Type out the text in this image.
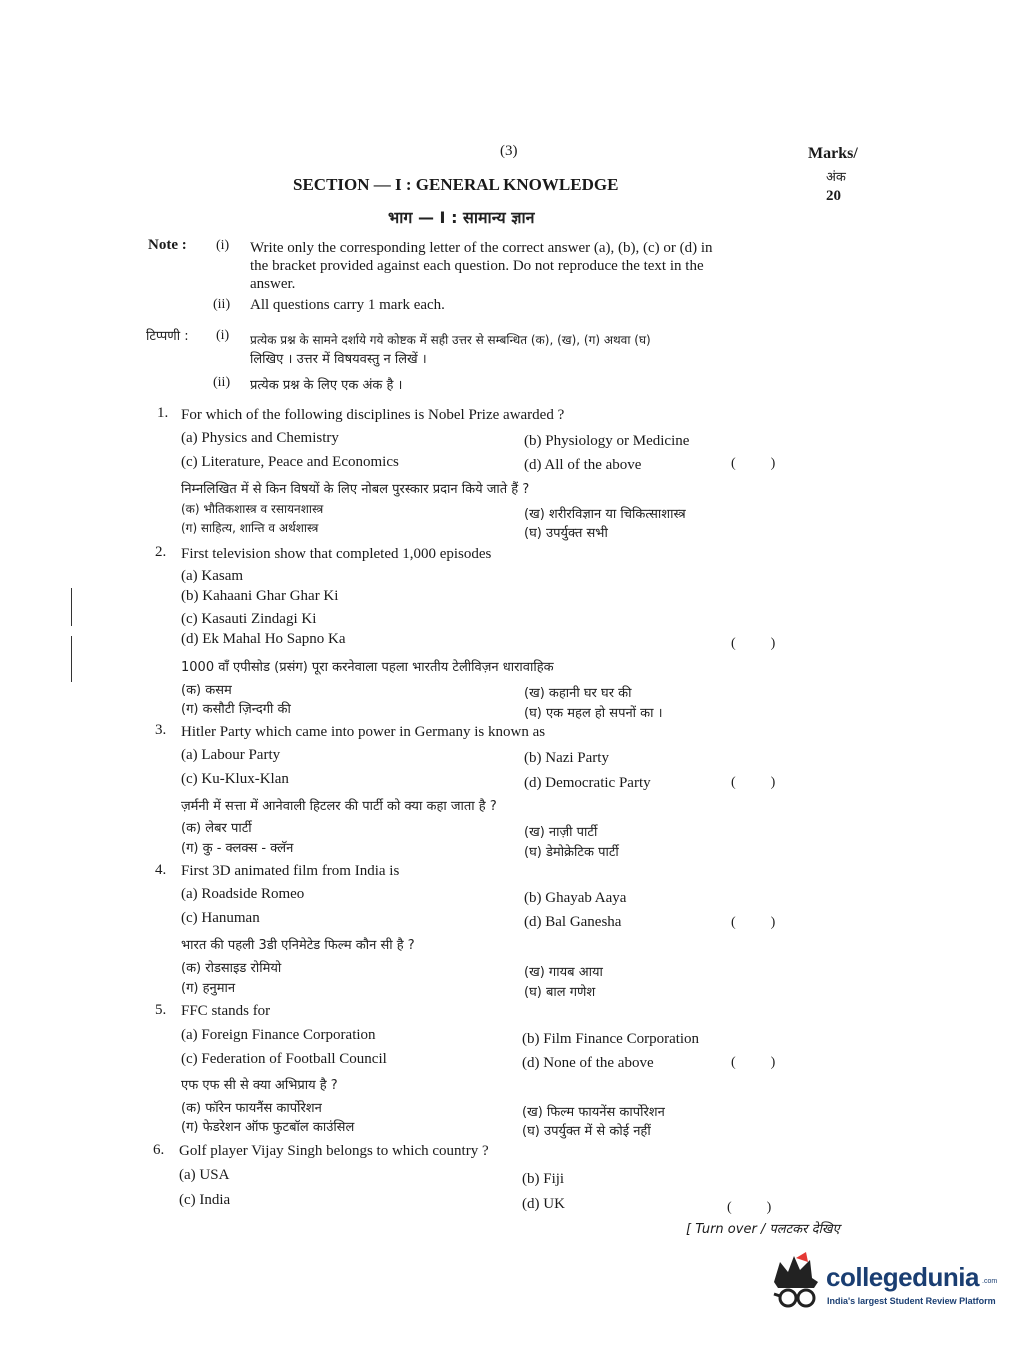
(3)	Marks/
अंक
20
SECTION — I : GENERAL KNOWLEDGE
भाग — I : सामान्य ज्ञान
Note : (i) Write only the corresponding letter of the correct answer (a), (b), (c) or (d) in
the bracket provided against each question. Do not reproduce the text in the
answer.
(ii) All questions carry 1 mark each.
टिप्पणी : (i) प्रत्येक प्रश्न के सामने दर्शाये गये कोष्टक में सही उत्तर से सम्बन्धित (क), (ख), (ग) अथवा (घ)
लिखिए । उत्तर में विषयवस्तु न लिखें ।
(ii) प्रत्येक प्रश्न के लिए एक अंक है ।
1. For which of the following disciplines is Nobel Prize awarded ?
(a) Physics and Chemistry	(b) Physiology or Medicine
(c) Literature, Peace and Economics	(d) All of the above	(          )
निम्नलिखित में से किन विषयों के लिए नोबल पुरस्कार प्रदान किये जाते हैं ?
(क) भौतिकशास्त्र व रसायनशास्त्र	(ख) शरीरविज्ञान या चिकित्साशास्त्र
(ग) साहित्य, शान्ति व अर्थशास्त्र	(घ) उपर्युक्त सभी
2. First television show that completed 1,000 episodes
(a) Kasam
(b) Kahaani Ghar Ghar Ki
(c) Kasauti Zindagi Ki
(d) Ek Mahal Ho Sapno Ka	(          )
1000 वाँ एपीसोड (प्रसंग) पूरा करनेवाला पहला भारतीय टेलीविज़न धारावाहिक
(क) कसम	(ख) कहानी घर घर की
(ग) कसौटी ज़िन्दगी की	(घ) एक महल हो सपनों का ।
3. Hitler Party which came into power in Germany is known as
(a) Labour Party	(b) Nazi Party
(c) Ku-Klux-Klan	(d) Democratic Party	(          )
ज़र्मनी में सत्ता में आनेवाली हिटलर की पार्टी को क्या कहा जाता है ?
(क) लेबर पार्टी	(ख) नाज़ी पार्टी
(ग) कु - क्लक्स - क्लॅन	(घ) डेमोक्रेटिक पार्टी
4. First 3D animated film from India is
(a) Roadside Romeo	(b) Ghayab Aaya
(c) Hanuman	(d) Bal Ganesha	(          )
भारत की पहली 3डी एनिमेटेड फिल्म कौन सी है ?
(क) रोडसाइड रोमियो	(ख) गायब आया
(ग) हनुमान	(घ) बाल गणेश
5. FFC stands for
(a) Foreign Finance Corporation	(b) Film Finance Corporation
(c) Federation of Football Council	(d) None of the above	(          )
एफ एफ सी से क्या अभिप्राय है ?
(क) फॉरेन फायनैंस कार्पोरेशन	(ख) फिल्म फायनेंस कार्पोरेशन
(ग) फेडरेशन ऑफ फुटबॉल काउंसिल	(घ) उपर्युक्त में से कोई नहीं
6. Golf player Vijay Singh belongs to which country ?
(a) USA	(b) Fiji
(c) India	(d) UK	(          )
[ Turn over / पलटकर देखिए
collegedunia .com
India's largest Student Review Platform
